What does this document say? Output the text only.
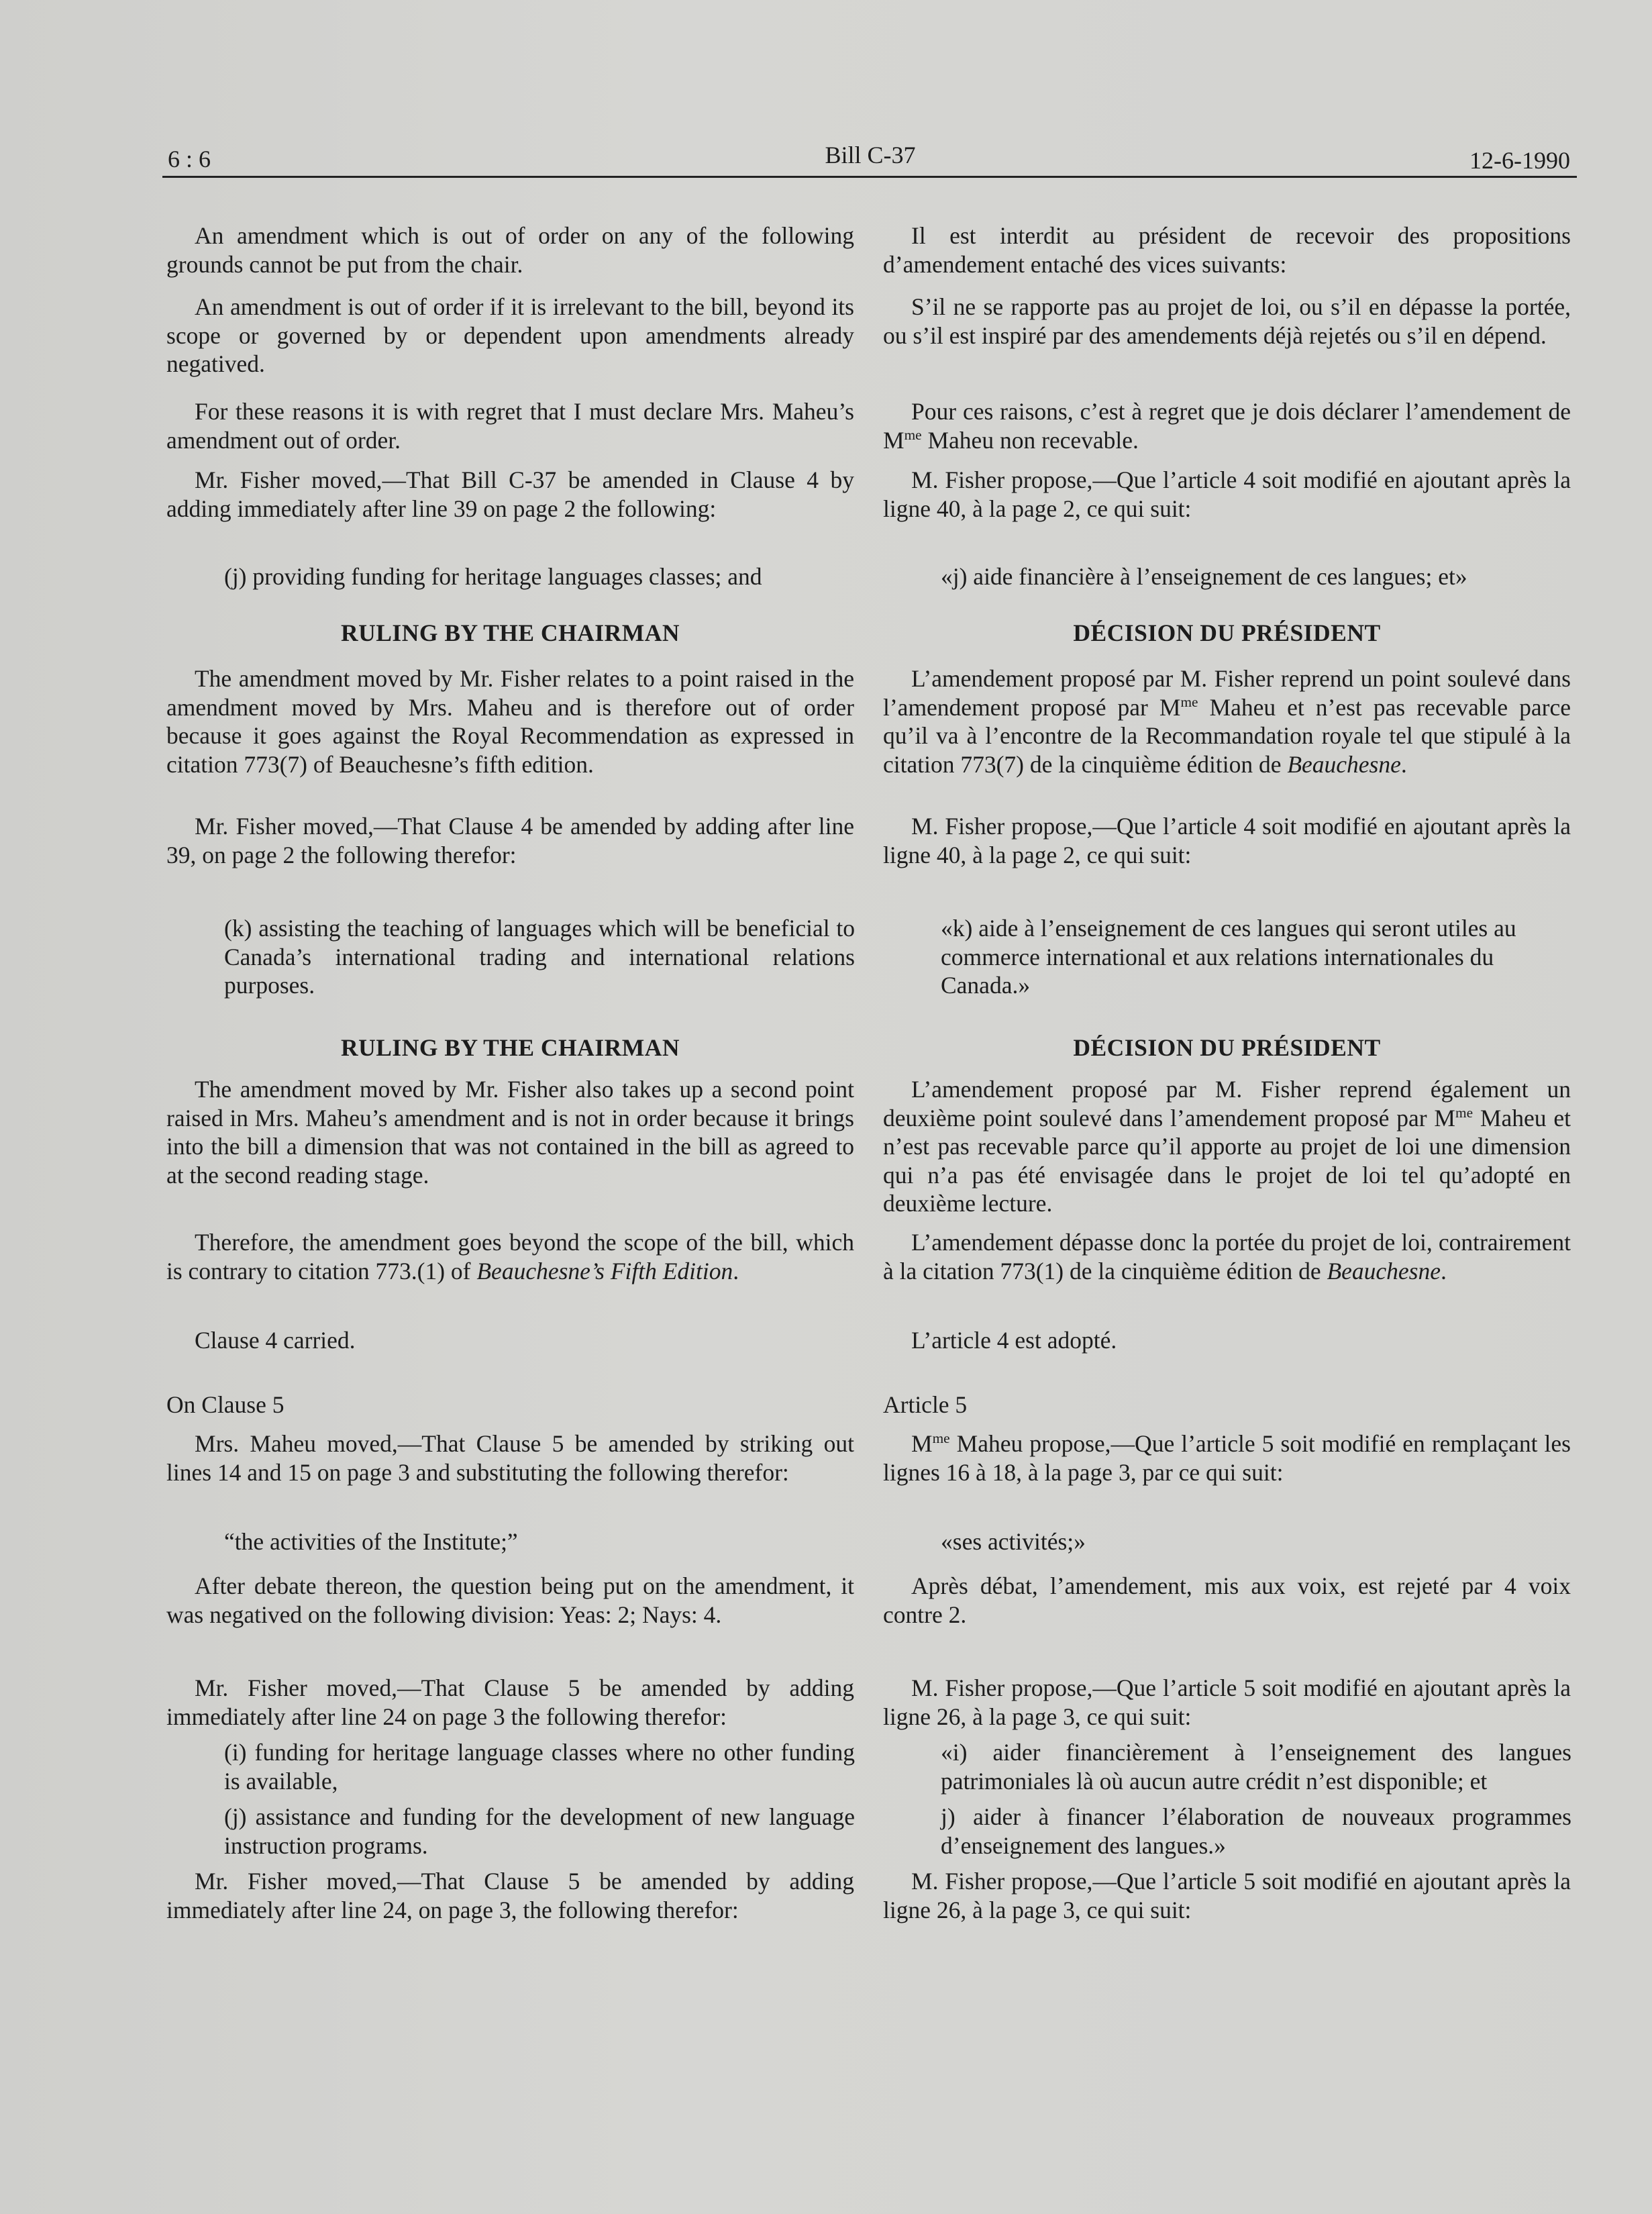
6 : 6	Bill C-37	12-6-1990

An amendment which is out of order on any of the following grounds cannot be put from the chair.

An amendment is out of order if it is irrelevant to the bill, beyond its scope or governed by or dependent upon amendments already negatived.

For these reasons it is with regret that I must declare Mrs. Maheu’s amendment out of order.

Mr. Fisher moved,—That Bill C-37 be amended in Clause 4 by adding immediately after line 39 on page 2 the following:

(j) providing funding for heritage languages classes; and

RULING BY THE CHAIRMAN

The amendment moved by Mr. Fisher relates to a point raised in the amendment moved by Mrs. Maheu and is therefore out of order because it goes against the Royal Recommendation as expressed in citation 773(7) of Beauchesne’s fifth edition.

Mr. Fisher moved,—That Clause 4 be amended by adding after line 39, on page 2 the following therefor:

(k) assisting the teaching of languages which will be beneficial to Canada’s international trading and international relations purposes.

RULING BY THE CHAIRMAN

The amendment moved by Mr. Fisher also takes up a second point raised in Mrs. Maheu’s amendment and is not in order because it brings into the bill a dimension that was not contained in the bill as agreed to at the second reading stage.

Therefore, the amendment goes beyond the scope of the bill, which is contrary to citation 773.(1) of Beauchesne’s Fifth Edition.

Clause 4 carried.

On Clause 5

Mrs. Maheu moved,—That Clause 5 be amended by striking out lines 14 and 15 on page 3 and substituting the following therefor:

“the activities of the Institute;”

After debate thereon, the question being put on the amendment, it was negatived on the following division: Yeas: 2; Nays: 4.

Mr. Fisher moved,—That Clause 5 be amended by adding immediately after line 24 on page 3 the following therefor:

(i) funding for heritage language classes where no other funding is available,

(j) assistance and funding for the development of new language instruction programs.

Mr. Fisher moved,—That Clause 5 be amended by adding immediately after line 24, on page 3, the following therefor:

Il est interdit au président de recevoir des propositions d’amendement entaché des vices suivants:

S’il ne se rapporte pas au projet de loi, ou s’il en dépasse la portée, ou s’il est inspiré par des amendements déjà rejetés ou s’il en dépend.

Pour ces raisons, c’est à regret que je dois déclarer l’amendement de $M^{me}$ Maheu non recevable.

M. Fisher propose,—Que l’article 4 soit modifié en ajoutant après la ligne 40, à la page 2, ce qui suit:

«j) aide financière à l’enseignement de ces langues; et»

DÉCISION DU PRÉSIDENT

L’amendement proposé par M. Fisher reprend un point soulevé dans l’amendement proposé par $M^{me}$ Maheu et n’est pas recevable parce qu’il va à l’encontre de la Recommandation royale tel que stipulé à la citation 773(7) de la cinquième édition de Beauchesne.

M. Fisher propose,—Que l’article 4 soit modifié en ajoutant après la ligne 40, à la page 2, ce qui suit:

«k) aide à l’enseignement de ces langues qui seront utiles au commerce international et aux relations internationales du Canada.»

DÉCISION DU PRÉSIDENT

L’amendement proposé par M. Fisher reprend également un deuxième point soulevé dans l’amendement proposé par $M^{me}$ Maheu et n’est pas recevable parce qu’il apporte au projet de loi une dimension qui n’a pas été envisagée dans le projet de loi tel qu’adopté en deuxième lecture.

L’amendement dépasse donc la portée du projet de loi, contrairement à la citation 773(1) de la cinquième édition de Beauchesne.

L’article 4 est adopté.

Article 5

$M^{me}$ Maheu propose,—Que l’article 5 soit modifié en remplaçant les lignes 16 à 18, à la page 3, par ce qui suit:

«ses activités;»

Après débat, l’amendement, mis aux voix, est rejeté par 4 voix contre 2.

M. Fisher propose,—Que l’article 5 soit modifié en ajoutant après la ligne 26, à la page 3, ce qui suit:

«i) aider financièrement à l’enseignement des langues patrimoniales là où aucun autre crédit n’est disponible; et

j) aider à financer l’élaboration de nouveaux programmes d’enseignement des langues.»

M. Fisher propose,—Que l’article 5 soit modifié en ajoutant après la ligne 26, à la page 3, ce qui suit:
